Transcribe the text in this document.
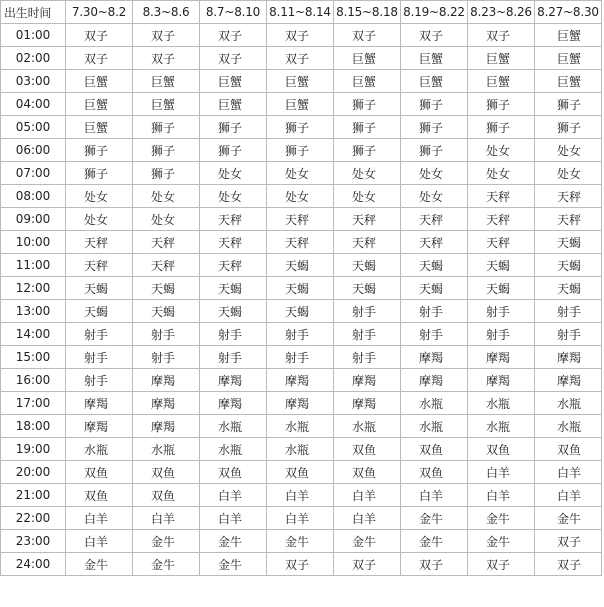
出生时间	7.30~8.2	8.3~8.6	8.7~8.10	8.11~8.14	8.15~8.18	8.19~8.22	8.23~8.26	8.27~8.30
01:00	双子	双子	双子	双子	双子	双子	双子	巨蟹
02:00	双子	双子	双子	双子	巨蟹	巨蟹	巨蟹	巨蟹
03:00	巨蟹	巨蟹	巨蟹	巨蟹	巨蟹	巨蟹	巨蟹	巨蟹
04:00	巨蟹	巨蟹	巨蟹	巨蟹	狮子	狮子	狮子	狮子
05:00	巨蟹	狮子	狮子	狮子	狮子	狮子	狮子	狮子
06:00	狮子	狮子	狮子	狮子	狮子	狮子	处女	处女
07:00	狮子	狮子	处女	处女	处女	处女	处女	处女
08:00	处女	处女	处女	处女	处女	处女	天秤	天秤
09:00	处女	处女	天秤	天秤	天秤	天秤	天秤	天秤
10:00	天秤	天秤	天秤	天秤	天秤	天秤	天秤	天蝎
11:00	天秤	天秤	天秤	天蝎	天蝎	天蝎	天蝎	天蝎
12:00	天蝎	天蝎	天蝎	天蝎	天蝎	天蝎	天蝎	天蝎
13:00	天蝎	天蝎	天蝎	天蝎	射手	射手	射手	射手
14:00	射手	射手	射手	射手	射手	射手	射手	射手
15:00	射手	射手	射手	射手	射手	摩羯	摩羯	摩羯
16:00	射手	摩羯	摩羯	摩羯	摩羯	摩羯	摩羯	摩羯
17:00	摩羯	摩羯	摩羯	摩羯	摩羯	水瓶	水瓶	水瓶
18:00	摩羯	摩羯	水瓶	水瓶	水瓶	水瓶	水瓶	水瓶
19:00	水瓶	水瓶	水瓶	水瓶	双鱼	双鱼	双鱼	双鱼
20:00	双鱼	双鱼	双鱼	双鱼	双鱼	双鱼	白羊	白羊
21:00	双鱼	双鱼	白羊	白羊	白羊	白羊	白羊	白羊
22:00	白羊	白羊	白羊	白羊	白羊	金牛	金牛	金牛
23:00	白羊	金牛	金牛	金牛	金牛	金牛	金牛	双子
24:00	金牛	金牛	金牛	双子	双子	双子	双子	双子
